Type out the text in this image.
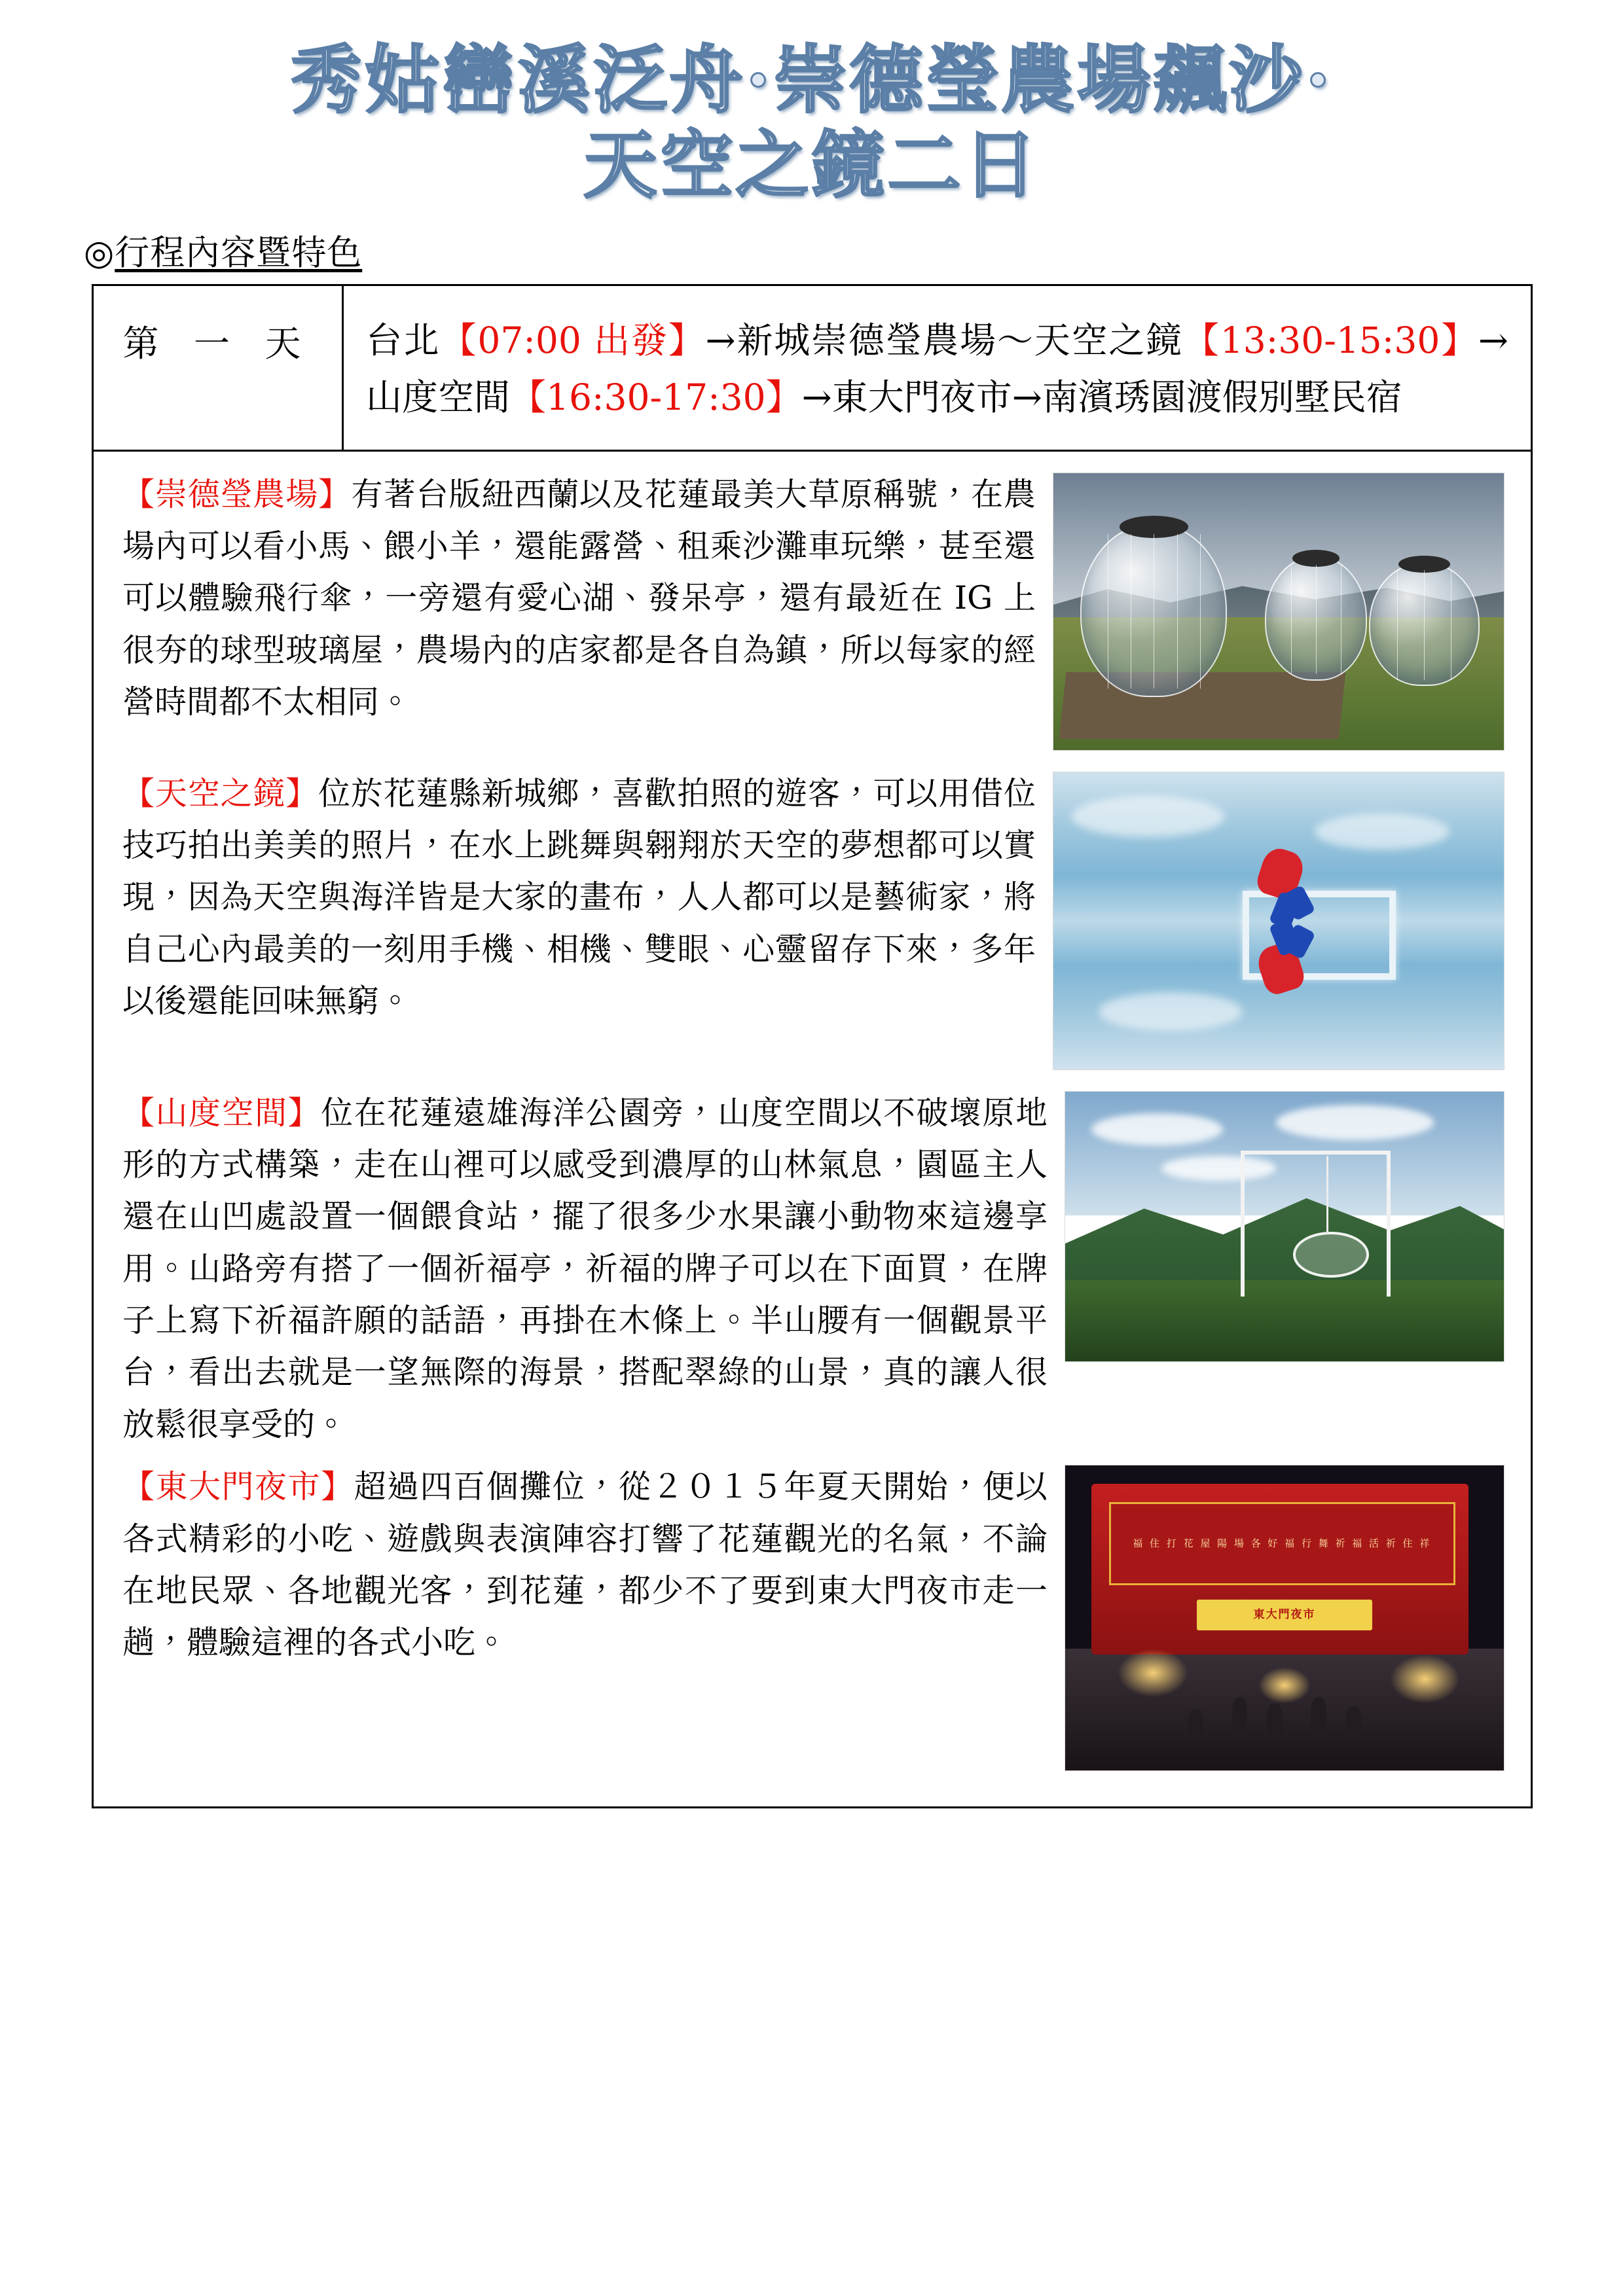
秀姑巒溪泛舟·崇德瑩農場飆沙·
天空之鏡二日
◎行程內容暨特色
第 一 天	台北【07:00 出發】→新城崇德瑩農場～天空之鏡【13:30-15:30】→山度空間【16:30-17:30】→東大門夜市→南濱琇園渡假別墅民宿
【崇德瑩農場】有著台版紐西蘭以及花蓮最美大草原稱號，在農場內可以看小馬、餵小羊，還能露營、租乘沙灘車玩樂，甚至還可以體驗飛行傘，一旁還有愛心湖、發呆亭，還有最近在 IG 上很夯的球型玻璃屋，農場內的店家都是各自為鎮，所以每家的經營時間都不太相同。
【天空之鏡】位於花蓮縣新城鄉，喜歡拍照的遊客，可以用借位技巧拍出美美的照片，在水上跳舞與翱翔於天空的夢想都可以實現，因為天空與海洋皆是大家的畫布，人人都可以是藝術家，將自己心內最美的一刻用手機、相機、雙眼、心靈留存下來，多年以後還能回味無窮。
【山度空間】位在花蓮遠雄海洋公園旁，山度空間以不破壞原地形的方式構築，走在山裡可以感受到濃厚的山林氣息，園區主人還在山凹處設置一個餵食站，擺了很多少水果讓小動物來這邊享用。山路旁有搭了一個祈福亭，祈福的牌子可以在下面買，在牌子上寫下祈福許願的話語，再掛在木條上。半山腰有一個觀景平台，看出去就是一望無際的海景，搭配翠綠的山景，真的讓人很放鬆很享受的。
福 住 打 花 屋 陽 場 各 好 福 行 舞 祈 福 活 祈 住 祥
東大門夜市
【東大門夜市】超過四百個攤位，從２０１５年夏天開始，便以各式精彩的小吃、遊戲與表演陣容打響了花蓮觀光的名氣，不論在地民眾、各地觀光客，到花蓮，都少不了要到東大門夜市走一趟，體驗這裡的各式小吃。
